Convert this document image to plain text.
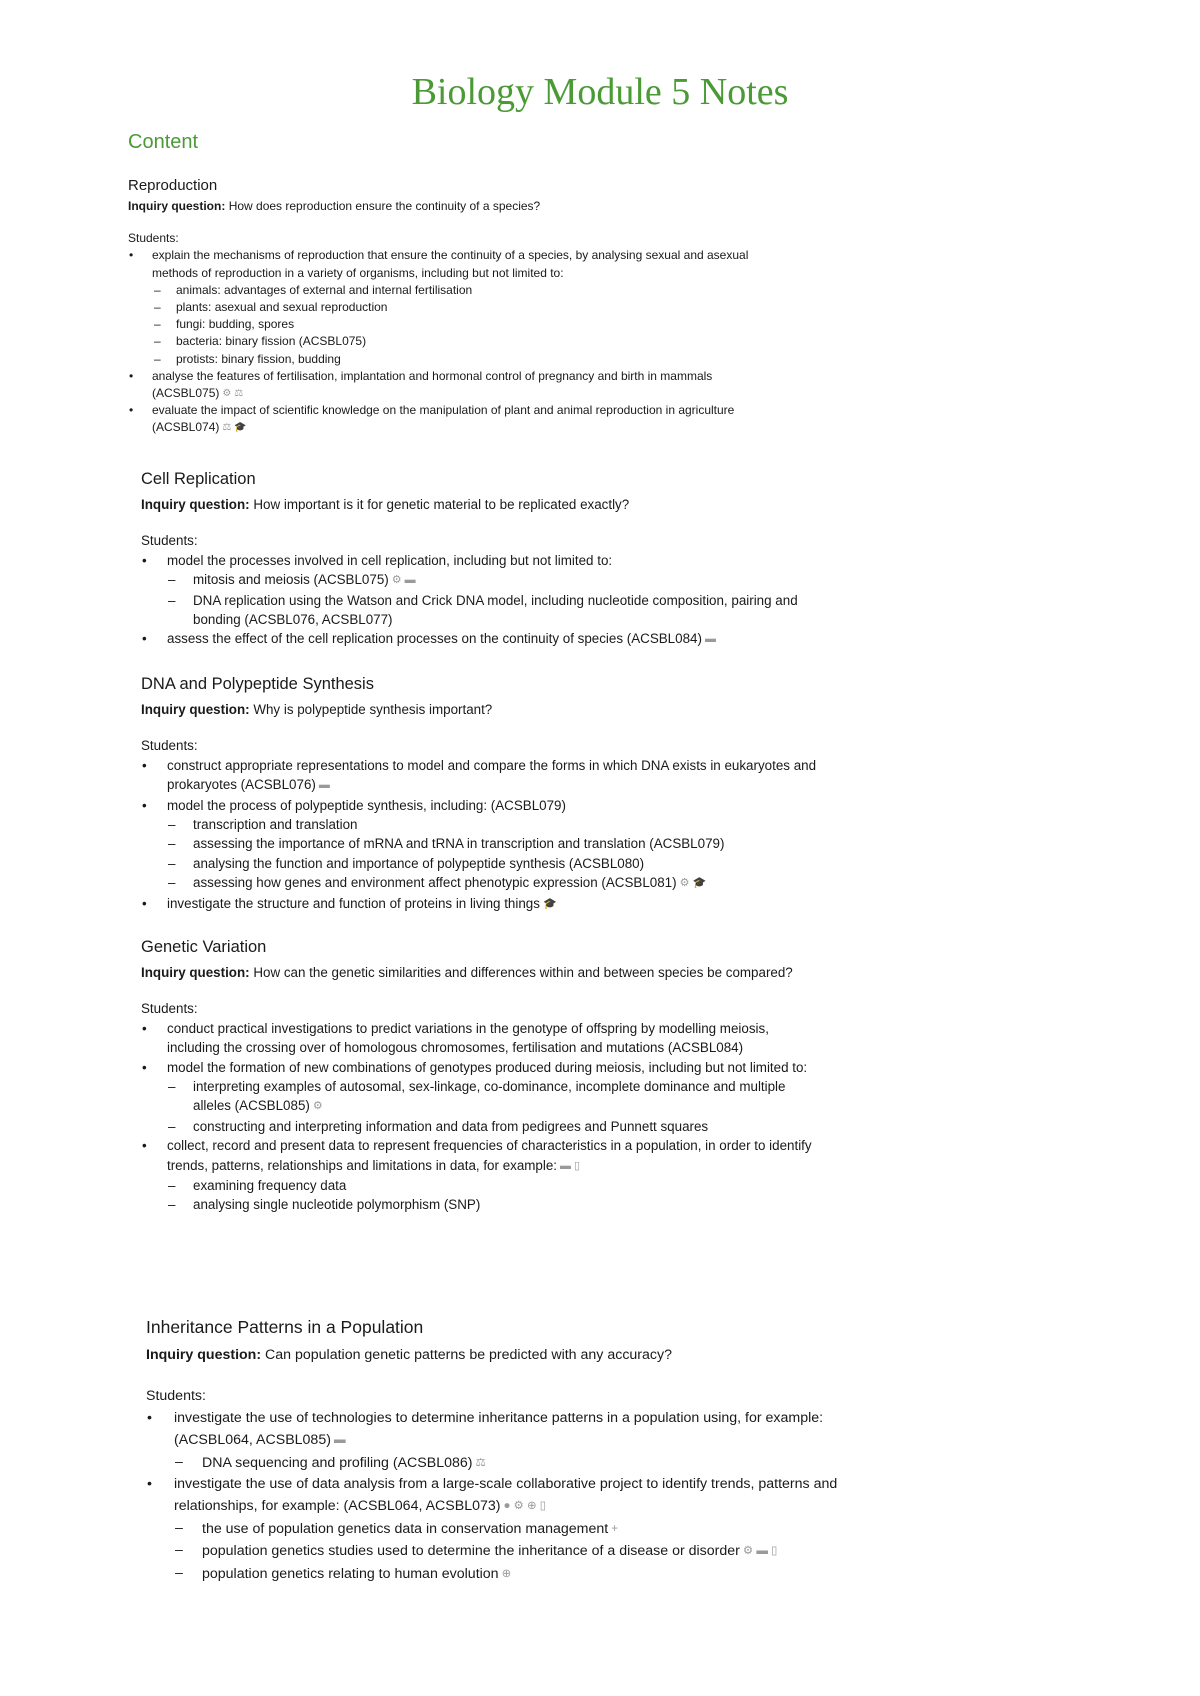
Biology Module 5 Notes
Content

Reproduction

Inquiry question: How does reproduction ensure the continuity of a species?

Students:

• explain the mechanisms of reproduction that ensure the continuity of a species, by analysing sexual and asexual methods of reproduction in a variety of organisms, including but not limited to:
– animals: advantages of external and internal fertilisation
– plants: asexual and sexual reproduction
– fungi: budding, spores
– bacteria: binary fission (ACSBL075)
– protists: binary fission, budding
• analyse the features of fertilisation, implantation and hormonal control of pregnancy and birth in mammals (ACSBL075) ⚙ ⚖
• evaluate the impact of scientific knowledge on the manipulation of plant and animal reproduction in agriculture (ACSBL074) ⚖ 🎓

Cell Replication

Inquiry question: How important is it for genetic material to be replicated exactly?

Students:

• model the processes involved in cell replication, including but not limited to:
– mitosis and meiosis (ACSBL075) ⚙ ▬
– DNA replication using the Watson and Crick DNA model, including nucleotide composition, pairing and bonding (ACSBL076, ACSBL077)
• assess the effect of the cell replication processes on the continuity of species (ACSBL084) ▬

DNA and Polypeptide Synthesis

Inquiry question: Why is polypeptide synthesis important?

Students:

• construct appropriate representations to model and compare the forms in which DNA exists in eukaryotes and prokaryotes (ACSBL076) ▬
• model the process of polypeptide synthesis, including: (ACSBL079)
– transcription and translation
– assessing the importance of mRNA and tRNA in transcription and translation (ACSBL079)
– analysing the function and importance of polypeptide synthesis (ACSBL080)
– assessing how genes and environment affect phenotypic expression (ACSBL081) ⚙ 🎓
• investigate the structure and function of proteins in living things 🎓

Genetic Variation

Inquiry question: How can the genetic similarities and differences within and between species be compared?

Students:

• conduct practical investigations to predict variations in the genotype of offspring by modelling meiosis, including the crossing over of homologous chromosomes, fertilisation and mutations (ACSBL084)
• model the formation of new combinations of genotypes produced during meiosis, including but not limited to:
– interpreting examples of autosomal, sex-linkage, co-dominance, incomplete dominance and multiple alleles (ACSBL085) ⚙
– constructing and interpreting information and data from pedigrees and Punnett squares
• collect, record and present data to represent frequencies of characteristics in a population, in order to identify trends, patterns, relationships and limitations in data, for example: ▬ ▯
– examining frequency data
– analysing single nucleotide polymorphism (SNP)

Inheritance Patterns in a Population

Inquiry question: Can population genetic patterns be predicted with any accuracy?

Students:

• investigate the use of technologies to determine inheritance patterns in a population using, for example: (ACSBL064, ACSBL085) ▬
– DNA sequencing and profiling (ACSBL086) ⚖
• investigate the use of data analysis from a large-scale collaborative project to identify trends, patterns and relationships, for example: (ACSBL064, ACSBL073) ● ⚙ ⊕ ▯
– the use of population genetics data in conservation management +
– population genetics studies used to determine the inheritance of a disease or disorder ⚙ ▬ ▯
– population genetics relating to human evolution ⊕
